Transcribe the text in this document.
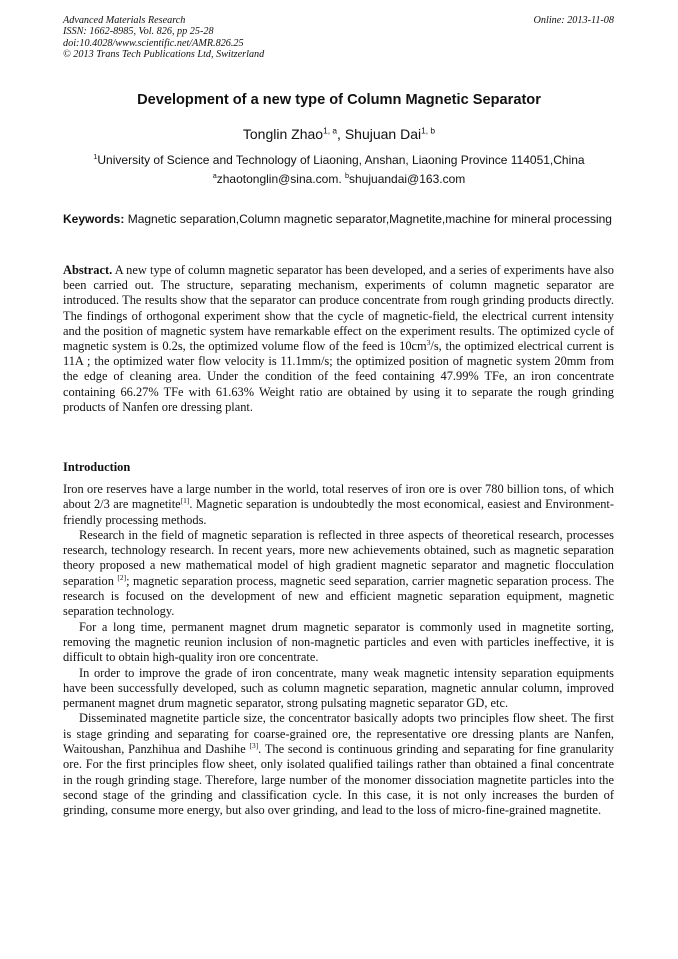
Advanced Materials Research
ISSN: 1662-8985, Vol. 826, pp 25-28
doi:10.4028/www.scientific.net/AMR.826.25
© 2013 Trans Tech Publications Ltd, Switzerland
Online: 2013-11-08
Development of a new type of Column Magnetic Separator
Tonglin Zhao$^{1, a}$, Shujuan Dai$^{1, b}$
$^1$University of Science and Technology of Liaoning, Anshan, Liaoning Province 114051,China
$^a$zhaotonglin@sina.com. $^b$shujuandai@163.com
Keywords: Magnetic separation,Column magnetic separator,Magnetite,machine for mineral processing
Abstract. A new type of column magnetic separator has been developed, and a series of experiments have also been carried out. The structure, separating mechanism, experiments of column magnetic separator are introduced. The results show that the separator can produce concentrate from rough grinding products directly. The findings of orthogonal experiment show that the cycle of magnetic-field, the electrical current intensity and the position of magnetic system have remarkable effect on the experiment results. The optimized cycle of magnetic system is 0.2s, the optimized volume flow of the feed is $10cm^3/s$, the optimized electrical current is 11A ; the optimized water flow velocity is 11.1mm/s; the optimized position of magnetic system 20mm from the edge of cleaning area. Under the condition of the feed containing 47.99% TFe, an iron concentrate containing 66.27% TFe with 61.63% Weight ratio are obtained by using it to separate the rough grinding products of Nanfen ore dressing plant.
Introduction

Iron ore reserves have a large number in the world, total reserves of iron ore is over 780 billion tons, of which about 2/3 are magnetite[1]. Magnetic separation is undoubtedly the most economical, easiest and Environment-friendly processing methods.

Research in the field of magnetic separation is reflected in three aspects of theoretical research, processes research, technology research. In recent years, more new achievements obtained, such as magnetic separation theory proposed a new mathematical model of high gradient magnetic separator and magnetic flocculation separation [2]; magnetic separation process, magnetic seed separation, carrier magnetic separation process. The research is focused on the development of new and efficient magnetic separation equipment, magnetic separation technology.

For a long time, permanent magnet drum magnetic separator is commonly used in magnetite sorting, removing the magnetic reunion inclusion of non-magnetic particles and even with particles ineffective, it is difficult to obtain high-quality iron ore concentrate.

In order to improve the grade of iron concentrate, many weak magnetic intensity separation equipments have been successfully developed, such as column magnetic separation, magnetic annular column, improved permanent magnet drum magnetic separator, strong pulsating magnetic separator GD, etc.

Disseminated magnetite particle size, the concentrator basically adopts two principles flow sheet. The first is stage grinding and separating for coarse-grained ore, the representative ore dressing plants are Nanfen, Waitoushan, Panzhihua and Dashihe [3]. The second is continuous grinding and separating for fine granularity ore. For the first principles flow sheet, only isolated qualified tailings rather than obtained a final concentrate in the rough grinding stage. Therefore, large number of the monomer dissociation magnetite particles into the second stage of the grinding and classification cycle. In this case, it is not only increases the burden of grinding, consume more energy, but also over grinding, and lead to the loss of micro-fine-grained magnetite.
